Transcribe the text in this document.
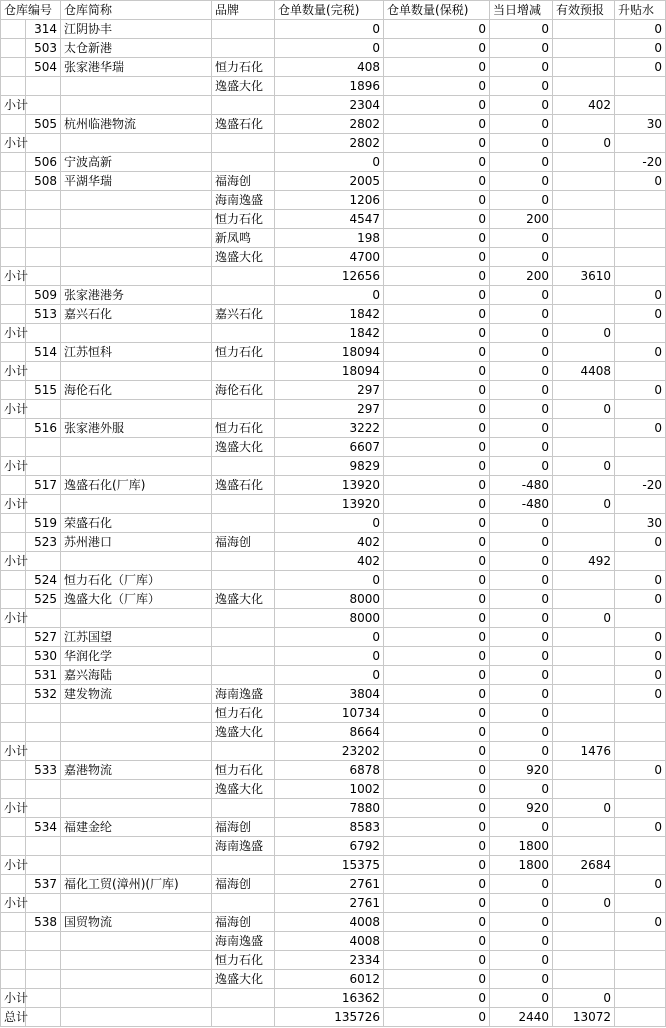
仓库编号		仓库简称	品牌	仓单数量(完税)	仓单数量(保税)	当日增减	有效预报	升贴水
	314	江阴协丰		0	0	0		0
	503	太仓新港		0	0	0		0
	504	张家港华瑞	恒力石化	408	0	0		0
			逸盛大化	1896	0	0		
小计				2304	0	0	402	
	505	杭州临港物流	逸盛石化	2802	0	0		30
小计				2802	0	0	0	
	506	宁波高新		0	0	0		-20
	508	平湖华瑞	福海创	2005	0	0		0
			海南逸盛	1206	0	0		
			恒力石化	4547	0	200		
			新凤鸣	198	0	0		
			逸盛大化	4700	0	0		
小计				12656	0	200	3610	
	509	张家港港务		0	0	0		0
	513	嘉兴石化	嘉兴石化	1842	0	0		0
小计				1842	0	0	0	
	514	江苏恒科	恒力石化	18094	0	0		0
小计				18094	0	0	4408	
	515	海伦石化	海伦石化	297	0	0		0
小计				297	0	0	0	
	516	张家港外服	恒力石化	3222	0	0		0
			逸盛大化	6607	0	0		
小计				9829	0	0	0	
	517	逸盛石化(厂库)	逸盛石化	13920	0	-480		-20
小计				13920	0	-480	0	
	519	荣盛石化		0	0	0		30
	523	苏州港口	福海创	402	0	0		0
小计				402	0	0	492	
	524	恒力石化（厂库）		0	0	0		0
	525	逸盛大化（厂库）	逸盛大化	8000	0	0		0
小计				8000	0	0	0	
	527	江苏国望		0	0	0		0
	530	华润化学		0	0	0		0
	531	嘉兴海陆		0	0	0		0
	532	建发物流	海南逸盛	3804	0	0		0
			恒力石化	10734	0	0		
			逸盛大化	8664	0	0		
小计				23202	0	0	1476	
	533	嘉港物流	恒力石化	6878	0	920		0
			逸盛大化	1002	0	0		
小计				7880	0	920	0	
	534	福建金纶	福海创	8583	0	0		0
			海南逸盛	6792	0	1800		
小计				15375	0	1800	2684	
	537	福化工贸(漳州)(厂库)	福海创	2761	0	0		0
小计				2761	0	0	0	
	538	国贸物流	福海创	4008	0	0		0
			海南逸盛	4008	0	0		
			恒力石化	2334	0	0		
			逸盛大化	6012	0	0		
小计				16362	0	0	0	
总计				135726	0	2440	13072	
